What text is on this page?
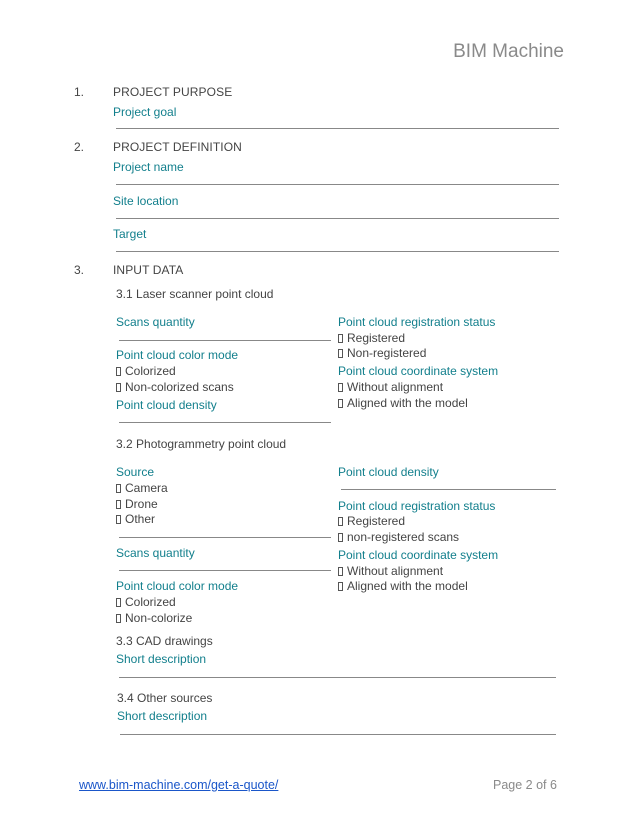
BIM Machine
1. PROJECT PURPOSE
Project goal
2. PROJECT DEFINITION
Project name
Site location
Target
3. INPUT DATA
3.1 Laser scanner point cloud
Scans quantity
Point cloud color mode
Colorized
Non-colorized scans
Point cloud density
Point cloud registration status
Registered
Non-registered
Point cloud coordinate system
Without alignment
Aligned with the model
3.2 Photogrammetry point cloud
Source
Camera
Drone
Other
Scans quantity
Point cloud color mode
Colorized
Non-colorize
Point cloud density
Point cloud registration status
Registered
non-registered scans
Point cloud coordinate system
Without alignment
Aligned with the model
3.3 CAD drawings
Short description
3.4 Other sources
Short description
www.bim-machine.com/get-a-quote/	Page 2 of 6
